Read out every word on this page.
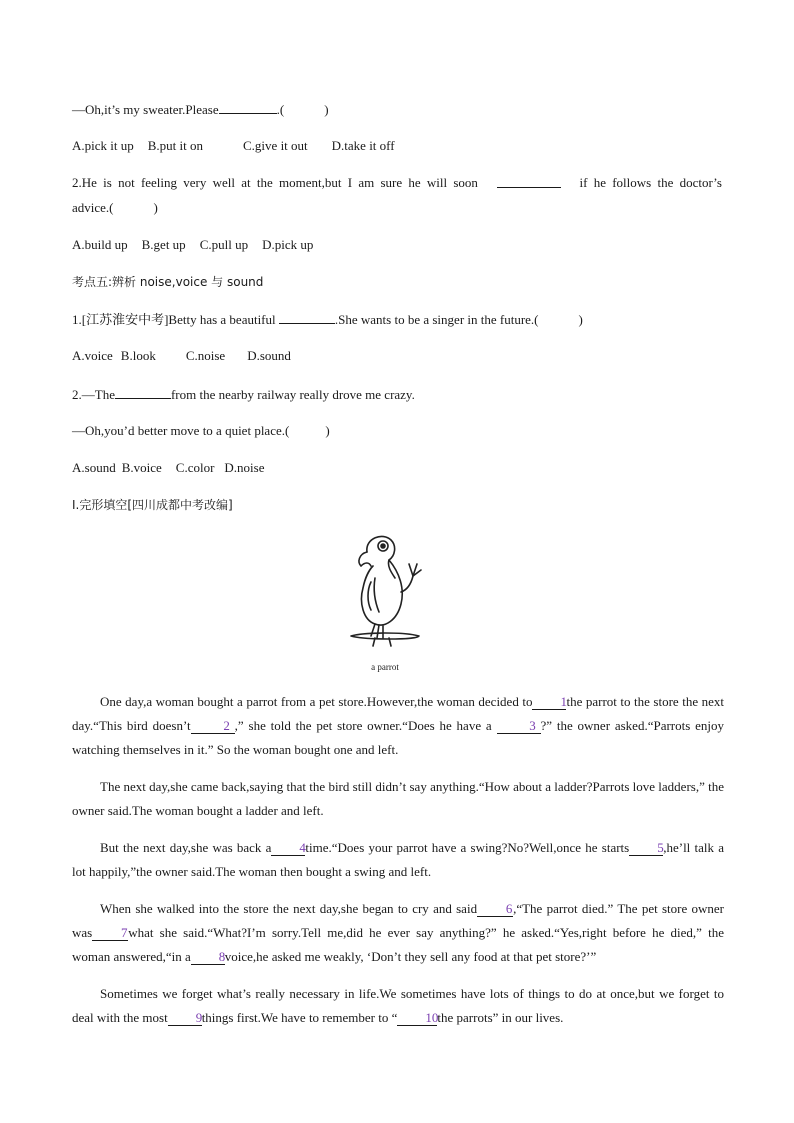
—Oh,it’s my sweater.Please	.(	)
A.pick it up B.put it on	C.give it out D.take it off
2.He is not feeling very well at the moment,but I am sure he will soon	if he follows the doctor’s
advice.(	)
A.build up B.get up C.pull up D.pick up
考点五:辨析 noise,voice 与 sound
1.[江苏淮安中考]Betty has a beautiful	.She wants to be a singer in the future.(	)
A.voice B.look C.noise D.sound
2.—The	from the nearby railway really drove me crazy.
—Oh,you’d better move to a quiet place.(	)
A.sound B.voice C.color D.noise
Ⅰ.完形填空[四川成都中考改编]
a parrot
One day,a woman bought a parrot from a pet store.However,the woman decided to 1the parrot to the store the next day.“This bird doesn’t	2 ,” she told the pet store owner.“Does he have a	3 ?” the owner asked.“Parrots enjoy watching themselves in it.” So the woman bought one and left.
The next day,she came back,saying that the bird still didn’t say anything.“How about a ladder?Parrots love ladders,” the owner said.The woman bought a ladder and left.
But the next day,she was back a 4time.“Does your parrot have a swing?No?Well,once he starts 5,he’ll talk a lot happily,”the owner said.The woman then bought a swing and left.
When she walked into the store the next day,she began to cry and said 6,“The parrot died.” The pet store owner was 7what she said.“What?I’m sorry.Tell me,did he ever say anything?” he asked.“Yes,right before he died,” the woman answered,“in a 8voice,he asked me weakly, ‘Don’t they sell any food at that pet store?’”
Sometimes we forget what’s really necessary in life.We sometimes have lots of things to do at once,but we forget to deal with the most 9things first.We have to remember to “ 10the parrots” in our lives.
